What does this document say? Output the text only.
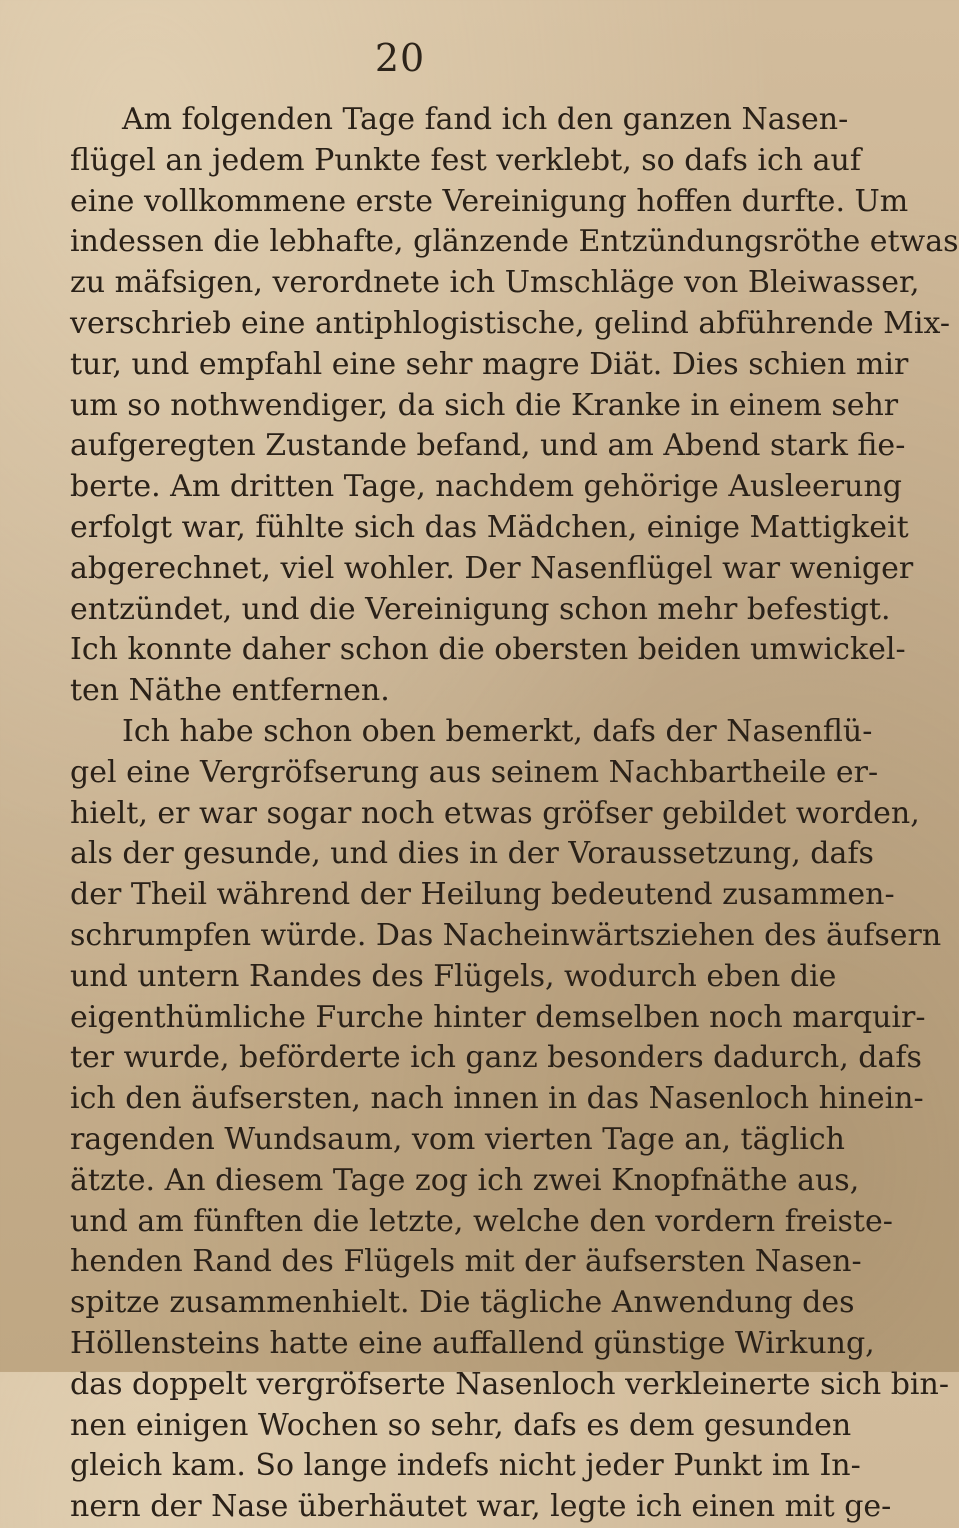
20
Am folgenden Tage fand ich den ganzen Nasen-
flügel an jedem Punkte fest verklebt, so dafs ich auf
eine vollkommene erste Vereinigung hoffen durfte. Um
indessen die lebhafte, glänzende Entzündungsröthe etwas
zu mäfsigen, verordnete ich Umschläge von Bleiwasser,
verschrieb eine antiphlogistische, gelind abführende Mix-
tur, und empfahl eine sehr magre Diät. Dies schien mir
um so nothwendiger, da sich die Kranke in einem sehr
aufgeregten Zustande befand, und am Abend stark fie-
berte. Am dritten Tage, nachdem gehörige Ausleerung
erfolgt war, fühlte sich das Mädchen, einige Mattigkeit
abgerechnet, viel wohler. Der Nasenflügel war weniger
entzündet, und die Vereinigung schon mehr befestigt.
Ich konnte daher schon die obersten beiden umwickel-
ten Näthe entfernen.
Ich habe schon oben bemerkt, dafs der Nasenflü-
gel eine Vergröfserung aus seinem Nachbartheile er-
hielt, er war sogar noch etwas gröfser gebildet worden,
als der gesunde, und dies in der Voraussetzung, dafs
der Theil während der Heilung bedeutend zusammen-
schrumpfen würde. Das Nacheinwärtsziehen des äufsern
und untern Randes des Flügels, wodurch eben die
eigenthümliche Furche hinter demselben noch marquir-
ter wurde, beförderte ich ganz besonders dadurch, dafs
ich den äufsersten, nach innen in das Nasenloch hinein-
ragenden Wundsaum, vom vierten Tage an, täglich
ätzte. An diesem Tage zog ich zwei Knopfnäthe aus,
und am fünften die letzte, welche den vordern freiste-
henden Rand des Flügels mit der äufsersten Nasen-
spitze zusammenhielt. Die tägliche Anwendung des
Höllensteins hatte eine auffallend günstige Wirkung,
das doppelt vergröfserte Nasenloch verkleinerte sich bin-
nen einigen Wochen so sehr, dafs es dem gesunden
gleich kam. So lange indefs nicht jeder Punkt im In-
nern der Nase überhäutet war, legte ich einen mit ge-
